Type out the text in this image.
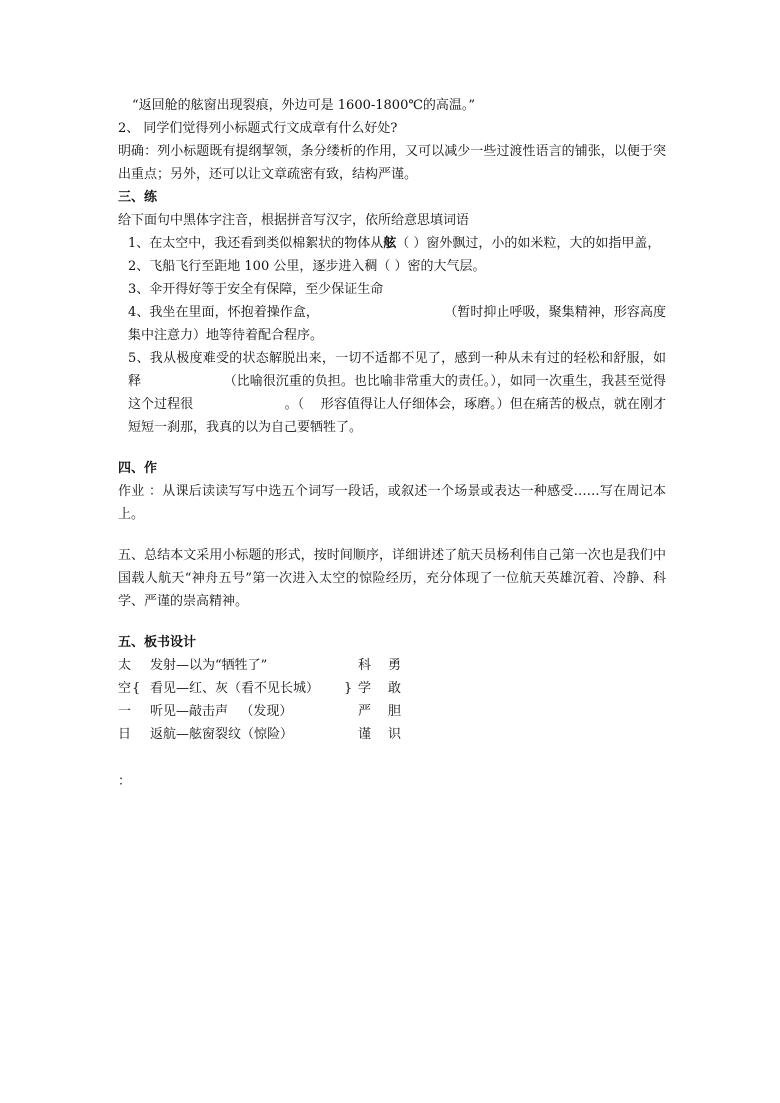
“返回舱的舷窗出现裂痕，外边可是 1600-1800℃的高温。”
2、 同学们觉得列小标题式行文成章有什么好处?
明确：列小标题既有提纲挈领，条分缕析的作用，又可以减少一些过渡性语言的铺张，以便于突出重点；另外，还可以让文章疏密有致，结构严谨。
三、练
给下面句中黑体字注音，根据拼音写汉字，依所给意思填词语
1、在太空中，我还看到类似棉絮状的物体从舷（ ）窗外飘过，小的如米粒，大的如指甲盖，
2、飞船飞行至距地 100 公里，逐步进入稠（ ）密的大气层。
3、伞开得好等于安全有保障，至少保证生命
4、我坐在里面，怀抱着操作盒，                              （暂时抑止呼吸，聚集精神，形容高度集中注意力）地等待着配合程序。
5、我从极度难受的状态解脱出来，一切不适都不见了，感到一种从未有过的轻松和舒服，如释                    （比喻很沉重的负担。也比喻非常重大的责任。），如同一次重生，我甚至觉得这个过程很                      。（    形容值得让人仔细体会，琢磨。）但在痛苦的极点，就在刚才短短一刹那，我真的以为自己要牺牲了。
四、作
作业 ：从课后读读写写中选五个词写一段话，或叙述一个场景或表达一种感受……写在周记本上。
五、总结本文采用小标题的形式，按时间顺序，详细讲述了航天员杨利伟自己第一次也是我们中国载人航天“神舟五号”第一次进入太空的惊险经历，充分体现了一位航天英雄沉着、冷静、科学、严谨的崇高精神。
五、板书设计
太 发射—以为“牺牲了”	科 勇
空 { 看见—红、灰（看不见长城） } 学 敢
一 听见—敲击声   （发现）	严 胆
日 返航—舷窗裂纹（惊险）	谨 识
：
